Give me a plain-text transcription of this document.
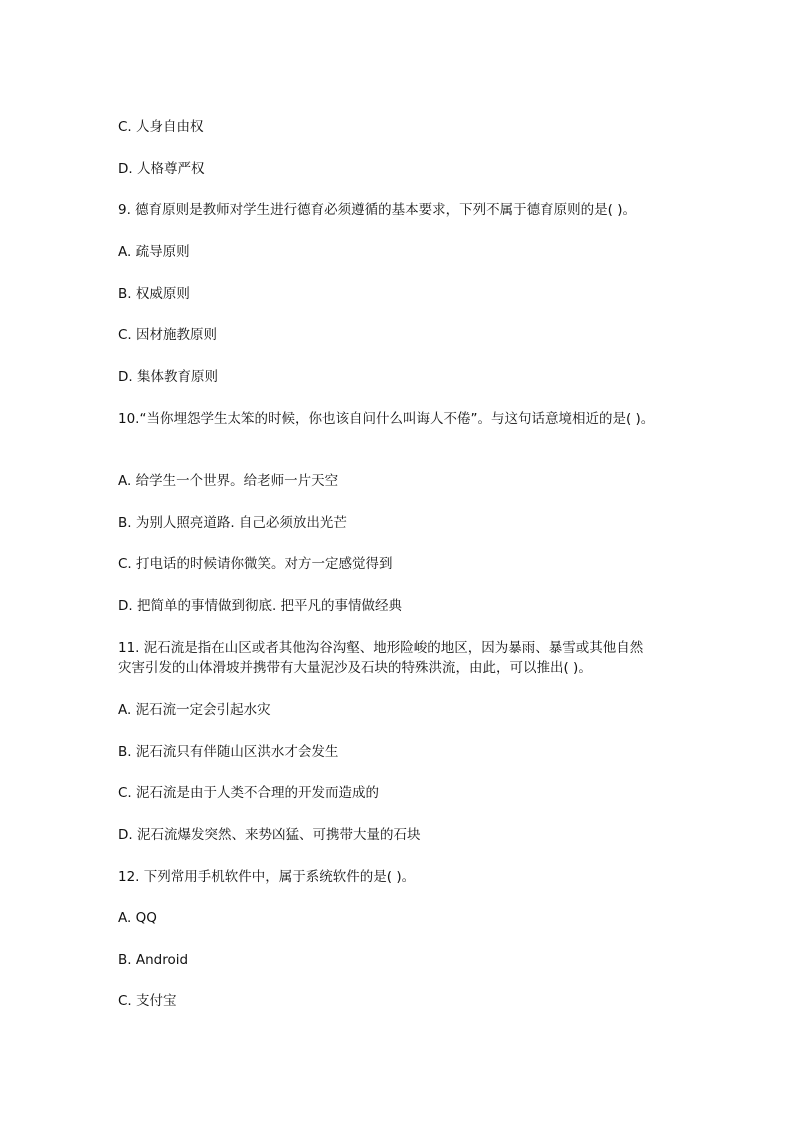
C. 人身自由权
D. 人格尊严权
9. 德育原则是教师对学生进行德育必须遵循的基本要求，下列不属于德育原则的是( )。
A. 疏导原则
B. 权威原则
C. 因材施教原则
D. 集体教育原则
10.“当你埋怨学生太笨的时候，你也该自问什么叫诲人不倦”。与这句话意境相近的是( )。
A. 给学生一个世界。给老师一片天空
B. 为别人照亮道路. 自己必须放出光芒
C. 打电话的时候请你微笑。对方一定感觉得到
D. 把简单的事情做到彻底. 把平凡的事情做经典
11. 泥石流是指在山区或者其他沟谷沟壑、地形险峻的地区，因为暴雨、暴雪或其他自然
灾害引发的山体滑坡并携带有大量泥沙及石块的特殊洪流，由此，可以推出( )。
A. 泥石流一定会引起水灾
B. 泥石流只有伴随山区洪水才会发生
C. 泥石流是由于人类不合理的开发而造成的
D. 泥石流爆发突然、来势凶猛、可携带大量的石块
12. 下列常用手机软件中，属于系统软件的是( )。
A. QQ
B. Android
C. 支付宝
